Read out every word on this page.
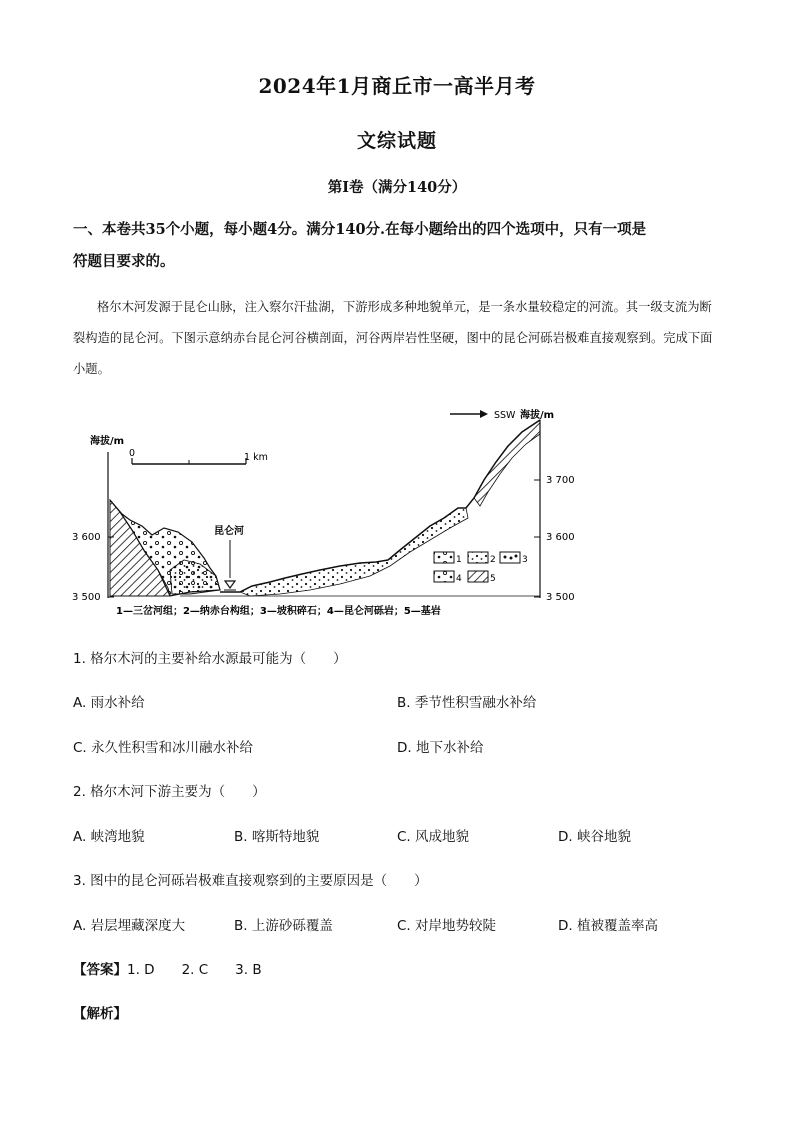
2024年1月商丘市一高半月考
文综试题
第Ⅰ卷（满分140分）
一、本卷共35个小题，每小题4分。满分140分.在每小题给出的四个选项中，只有一项是
符题目要求的。
格尔木河发源于昆仑山脉，注入察尔汗盐湖，下游形成多种地貌单元，是一条水量较稳定的河流。其一级支流为断裂构造的昆仑河。下图示意纳赤台昆仑河谷横剖面，河谷两岸岩性坚硬，图中的昆仑河砾岩极难直接观察到。完成下面小题。
海拔/m
3 600
3 500
海拔/m
3 700
3 600
3 500
0	1 km
SSW
昆仑河
1	2	3
4	5
1—三岔河组；2—纳赤台构组；3—坡积碎石；4—昆仑河砾岩；5—基岩
1. 格尔木河的主要补给水源最可能为（　　）
A. 雨水补给	B. 季节性积雪融水补给
C. 永久性积雪和冰川融水补给	D. 地下水补给
2. 格尔木河下游主要为（　　）
A. 峡湾地貌	B. 喀斯特地貌	C. 风成地貌	D. 峡谷地貌
3. 图中的昆仑河砾岩极难直接观察到的主要原因是（　　）
A. 岩层埋藏深度大	B. 上游砂砾覆盖	C. 对岸地势较陡	D. 植被覆盖率高
【答案】1. D　　2. C　　3. B
【解析】
